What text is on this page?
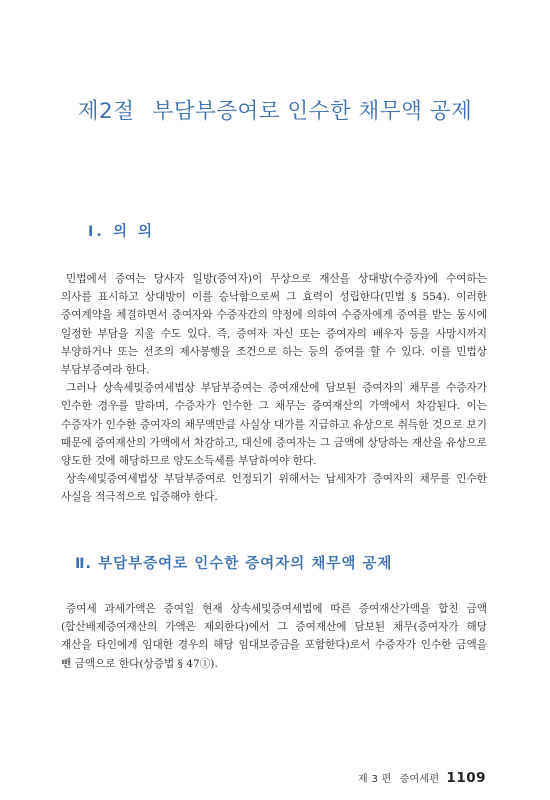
제2절 부담부증여로 인수한 채무액 공제
Ⅰ. 의 의

민법에서 증여는 당사자 일방(증여자)이 무상으로 재산을 상대방(수증자)에 수여하는 의사를 표시하고 상대방이 이를 승낙함으로써 그 효력이 성립한다(민법 § 554). 이러한 증여계약을 체결하면서 증여자와 수증자간의 약정에 의하여 수증자에게 증여를 받는 동시에 일정한 부담을 지울 수도 있다. 즉, 증여자 자신 또는 증여자의 배우자 등을 사망시까지 부양하거나 또는 선조의 제사봉행을 조건으로 하는 등의 증여를 할 수 있다. 이를 민법상 부담부증여라 한다.

그러나 상속세및증여세법상 부담부증여는 증여재산에 담보된 증여자의 채무를 수증자가 인수한 경우를 말하며, 수증자가 인수한 그 채무는 증여재산의 가액에서 차감된다. 이는 수증자가 인수한 증여자의 채무액만큼 사실상 대가를 지급하고 유상으로 취득한 것으로 보기 때문에 증여재산의 가액에서 차감하고, 대신에 증여자는 그 금액에 상당하는 재산을 유상으로 양도한 것에 해당하므로 양도소득세를 부담하여야 한다.

상속세및증여세법상 부담부증여로 인정되기 위해서는 납세자가 증여자의 채무를 인수한 사실을 적극적으로 입증해야 한다.

Ⅱ. 부담부증여로 인수한 증여자의 채무액 공제

증여세 과세가액은 증여일 현재 상속세및증여세법에 따른 증여재산가액을 합친 금액(합산배제증여재산의 가액은 제외한다)에서 그 증여재산에 담보된 채무(증여자가 해당 재산을 타인에게 임대한 경우의 해당 임대보증금을 포함한다)로서 수증자가 인수한 금액을 뺀 금액으로 한다(상증법 § 47①).

제 3 편 증여세편 1109
